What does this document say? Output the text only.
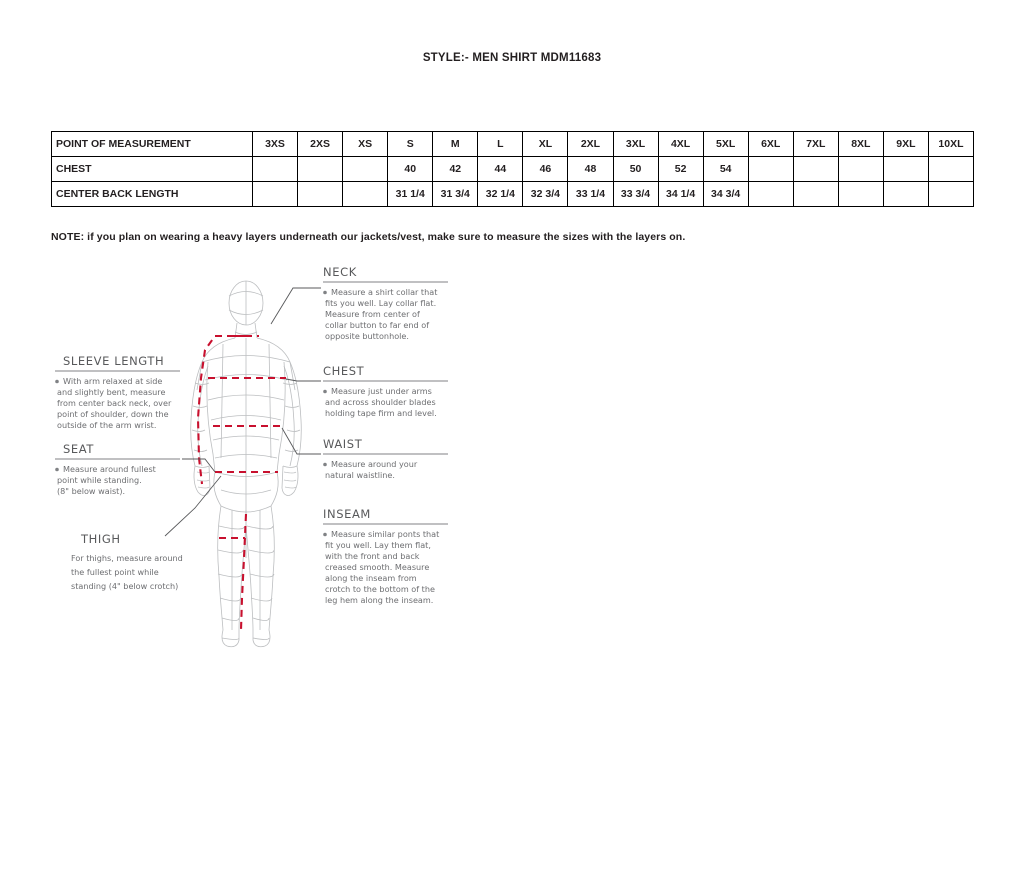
STYLE:- MEN SHIRT MDM11683
POINT OF MEASUREMENT	3XS	2XS	XS	S	M	L	XL	2XL	3XL	4XL	5XL	6XL	7XL	8XL	9XL	10XL
CHEST				40	42	44	46	48	50	52	54					
CENTER BACK LENGTH				31 1/4	31 3/4	32 1/4	32 3/4	33 1/4	33 3/4	34 1/4	34 3/4					
NOTE: if you plan on wearing a heavy layers underneath our jackets/vest, make sure to measure the sizes with the layers on.
NECK
Measure a shirt collar that fits you well. Lay collar flat. Measure from center of collar button to far end of opposite buttonhole.
CHEST
Measure just under arms and across shoulder blades holding tape firm and level.
WAIST
Measure around your natural waistline.
INSEAM
Measure similar ponts that fit you well. Lay them flat, with the front and back creased smooth. Measure along the inseam from crotch to the bottom of the leg hem along the inseam.
SLEEVE LENGTH
With arm relaxed at side and slightly bent, measure from center back neck, over point of shoulder, down the outside of the arm wrist.
SEAT
Measure around fullest point while standing. (8" below waist).
THIGH
For thighs, measure around the fullest point while standing (4" below crotch)
